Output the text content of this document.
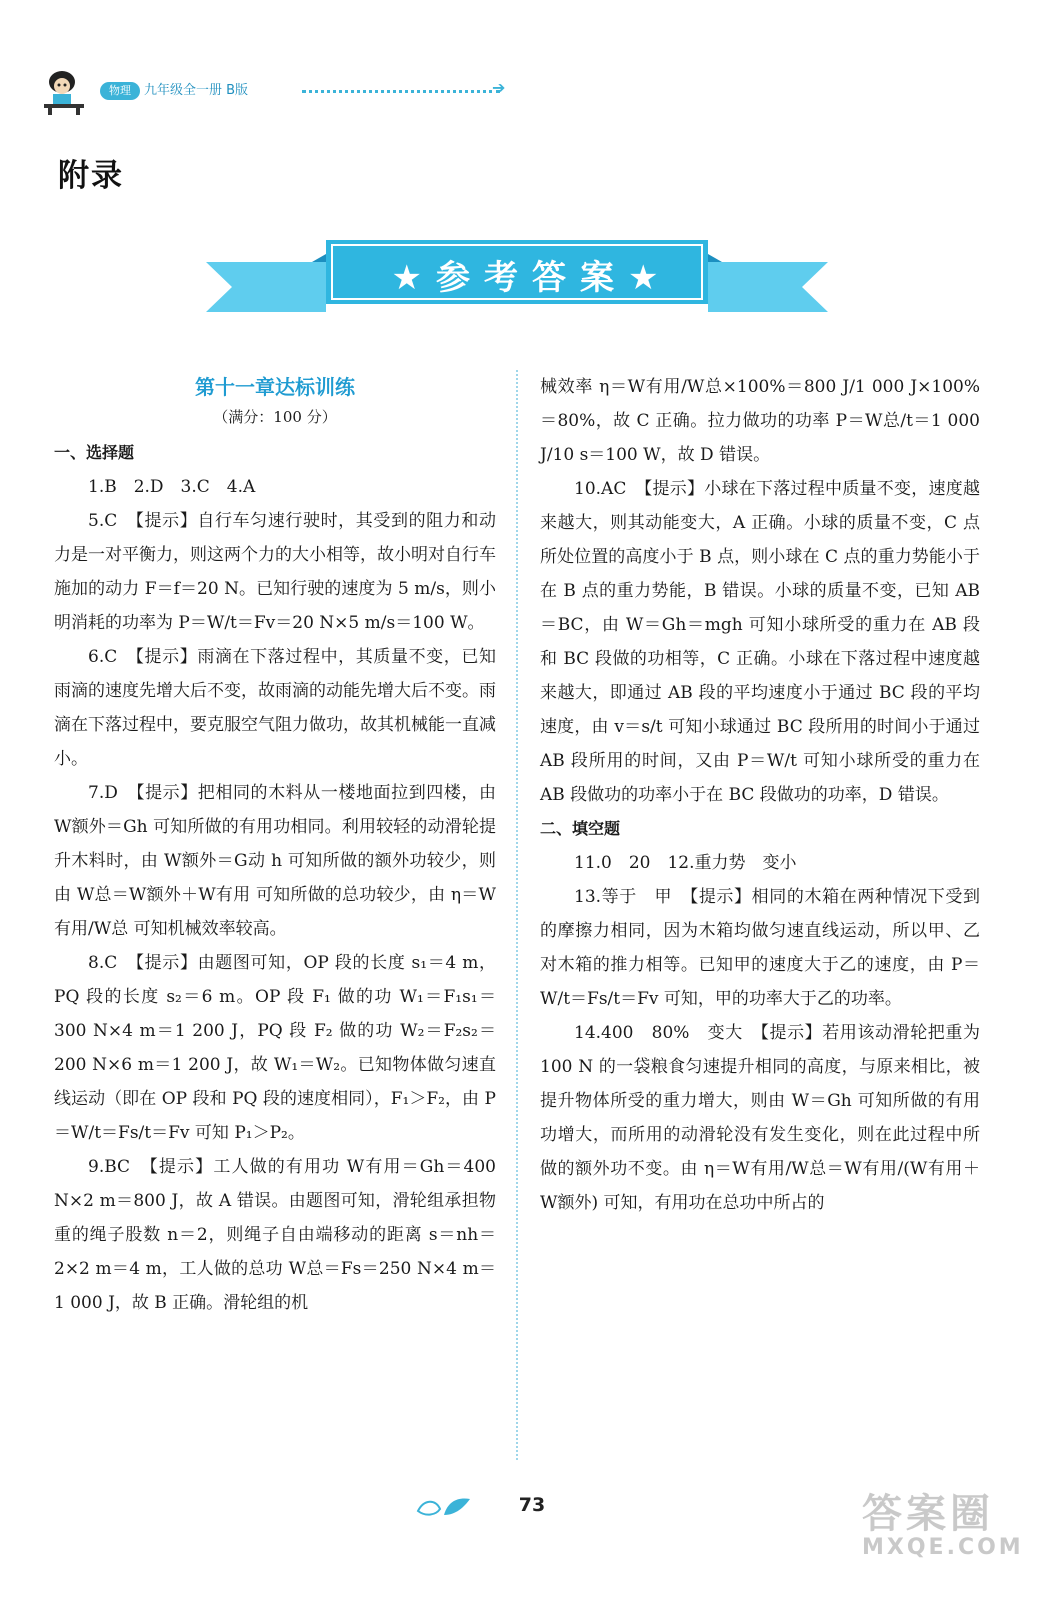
物理	九年级全一册 B版	➔
附录
★参考答案★
第十一章达标训练
（满分：100 分）

一、选择题

1.B　2.D　3.C　4.A

5.C　【提示】自行车匀速行驶时，其受到的阻力和动力是一对平衡力，则这两个力的大小相等，故小明对自行车施加的动力 F＝f＝20 N。已知行驶的速度为 5 m/s，则小明消耗的功率为 P＝W/t＝Fv＝20 N×5 m/s＝100 W。

6.C　【提示】雨滴在下落过程中，其质量不变，已知雨滴的速度先增大后不变，故雨滴的动能先增大后不变。雨滴在下落过程中，要克服空气阻力做功，故其机械能一直减小。

7.D　【提示】把相同的木料从一楼地面拉到四楼，由 W额外＝Gh 可知所做的有用功相同。利用较轻的动滑轮提升木料时，由 W额外＝G动 h 可知所做的额外功较少，则由 W总＝W额外＋W有用 可知所做的总功较少，由 η＝W有用/W总 可知机械效率较高。

8.C　【提示】由题图可知，OP 段的长度 s₁＝4 m，PQ 段的长度 s₂＝6 m。OP 段 F₁ 做的功 W₁＝F₁s₁＝300 N×4 m＝1 200 J，PQ 段 F₂ 做的功 W₂＝F₂s₂＝200 N×6 m＝1 200 J，故 W₁＝W₂。已知物体做匀速直线运动（即在 OP 段和 PQ 段的速度相同），F₁＞F₂，由 P＝W/t＝Fs/t＝Fv 可知 P₁＞P₂。

9.BC　【提示】工人做的有用功 W有用＝Gh＝400 N×2 m＝800 J，故 A 错误。由题图可知，滑轮组承担物重的绳子股数 n＝2，则绳子自由端移动的距离 s＝nh＝2×2 m＝4 m，工人做的总功 W总＝Fs＝250 N×4 m＝1 000 J，故 B 正确。滑轮组的机

械效率 η＝W有用/W总×100%＝800 J/1 000 J×100%＝80%，故 C 正确。拉力做功的功率 P＝W总/t＝1 000 J/10 s＝100 W，故 D 错误。

10.AC　【提示】小球在下落过程中质量不变，速度越来越大，则其动能变大，A 正确。小球的质量不变，C 点所处位置的高度小于 B 点，则小球在 C 点的重力势能小于在 B 点的重力势能，B 错误。小球的质量不变，已知 AB＝BC，由 W＝Gh＝mgh 可知小球所受的重力在 AB 段和 BC 段做的功相等，C 正确。小球在下落过程中速度越来越大，即通过 AB 段的平均速度小于通过 BC 段的平均速度，由 v＝s/t 可知小球通过 BC 段所用的时间小于通过 AB 段所用的时间，又由 P＝W/t 可知小球所受的重力在 AB 段做功的功率小于在 BC 段做功的功率，D 错误。

二、填空题

11.0　20　12.重力势　变小

13.等于　甲　【提示】相同的木箱在两种情况下受到的摩擦力相同，因为木箱均做匀速直线运动，所以甲、乙对木箱的推力相等。已知甲的速度大于乙的速度，由 P＝W/t＝Fs/t＝Fv 可知，甲的功率大于乙的功率。

14.400　80%　变大　【提示】若用该动滑轮把重为 100 N 的一袋粮食匀速提升相同的高度，与原来相比，被提升物体所受的重力增大，则由 W＝Gh 可知所做的有用功增大，而所用的动滑轮没有发生变化，则在此过程中所做的额外功不变。由 η＝W有用/W总＝W有用/(W有用＋W额外) 可知，有用功在总功中所占的

73	答案圈
MXQE.COM
